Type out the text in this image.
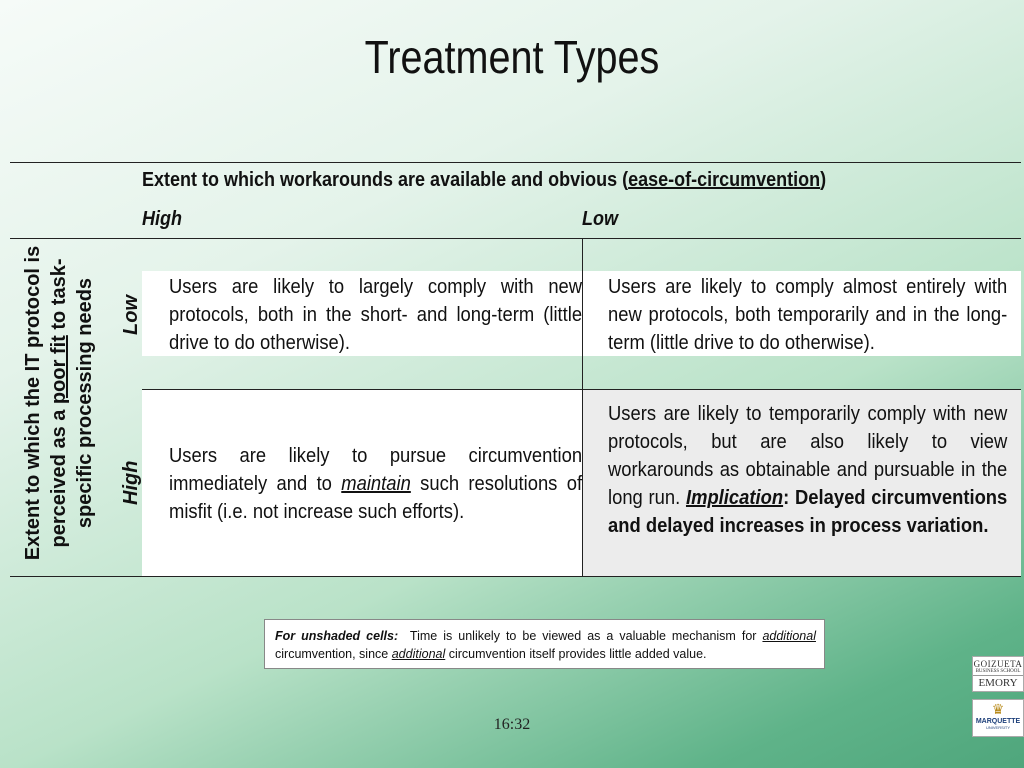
Treatment Types
Extent to which workarounds are available and obvious (ease-of-circumvention)
High	Low
Extent to which the IT protocol is perceived as a poor fit to task- specific processing needs Low
High
Users are likely to largely comply with new protocols, both in the short- and long-term (little drive to do otherwise).
Users are likely to comply almost entirely with new protocols, both temporarily and in the long-term (little drive to do otherwise).
Users are likely to pursue circumvention immediately and to maintain such resolutions of misfit (i.e. not increase such efforts).
Users are likely to temporarily comply with new protocols, but are also likely to view workarounds as obtainable and pursuable in the long run. Implication: Delayed circumventions and delayed increases in process variation.
For unshaded cells: Time is unlikely to be viewed as a valuable mechanism for additional circumvention, since additional circumvention itself provides little added value.
16:32
GOIZUETA
BUSINESS SCHOOL
EMORY
♛
MARQUETTE
UNIVERSITY
